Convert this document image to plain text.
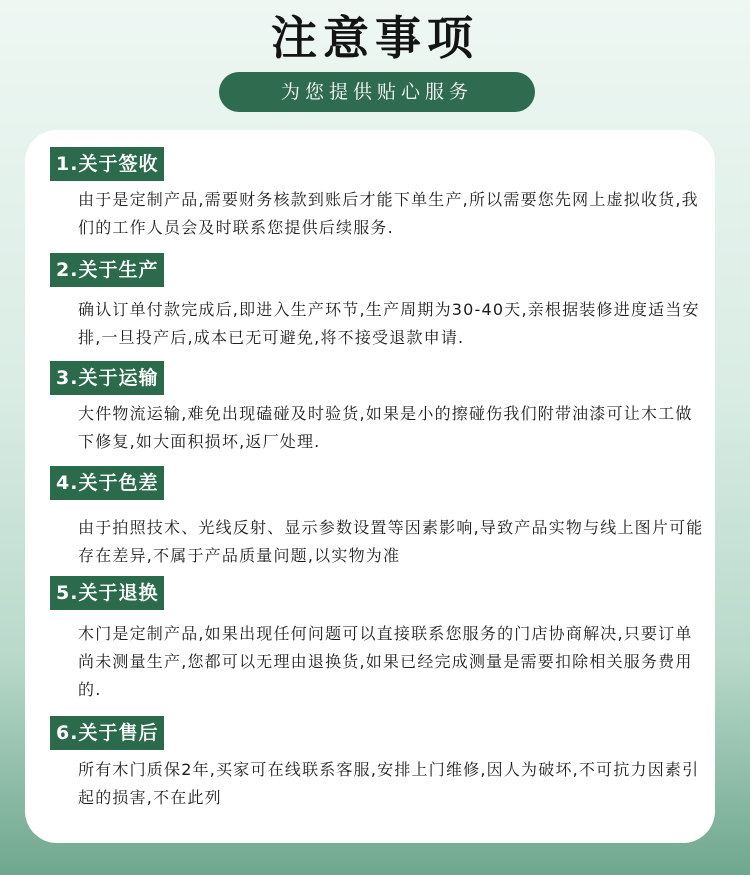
注意事项
为您提供贴心服务
1.关于签收
由于是定制产品,需要财务核款到账后才能下单生产,所以需要您先网上虚拟收货,我们的工作人员会及时联系您提供后续服务.
2.关于生产
确认订单付款完成后,即进入生产环节,生产周期为30-40天,亲根据装修进度适当安排,一旦投产后,成本已无可避免,将不接受退款申请.
3.关于运输
大件物流运输,难免出现磕碰及时验货,如果是小的擦碰伤我们附带油漆可让木工做下修复,如大面积损坏,返厂处理.
4.关于色差
由于拍照技术、光线反射、显示参数设置等因素影响,导致产品实物与线上图片可能存在差异,不属于产品质量问题,以实物为准
5.关于退换
木门是定制产品,如果出现任何问题可以直接联系您服务的门店协商解决,只要订单尚未测量生产,您都可以无理由退换货,如果已经完成测量是需要扣除相关服务费用的.
6.关于售后
所有木门质保2年,买家可在线联系客服,安排上门维修,因人为破坏,不可抗力因素引起的损害,不在此列
